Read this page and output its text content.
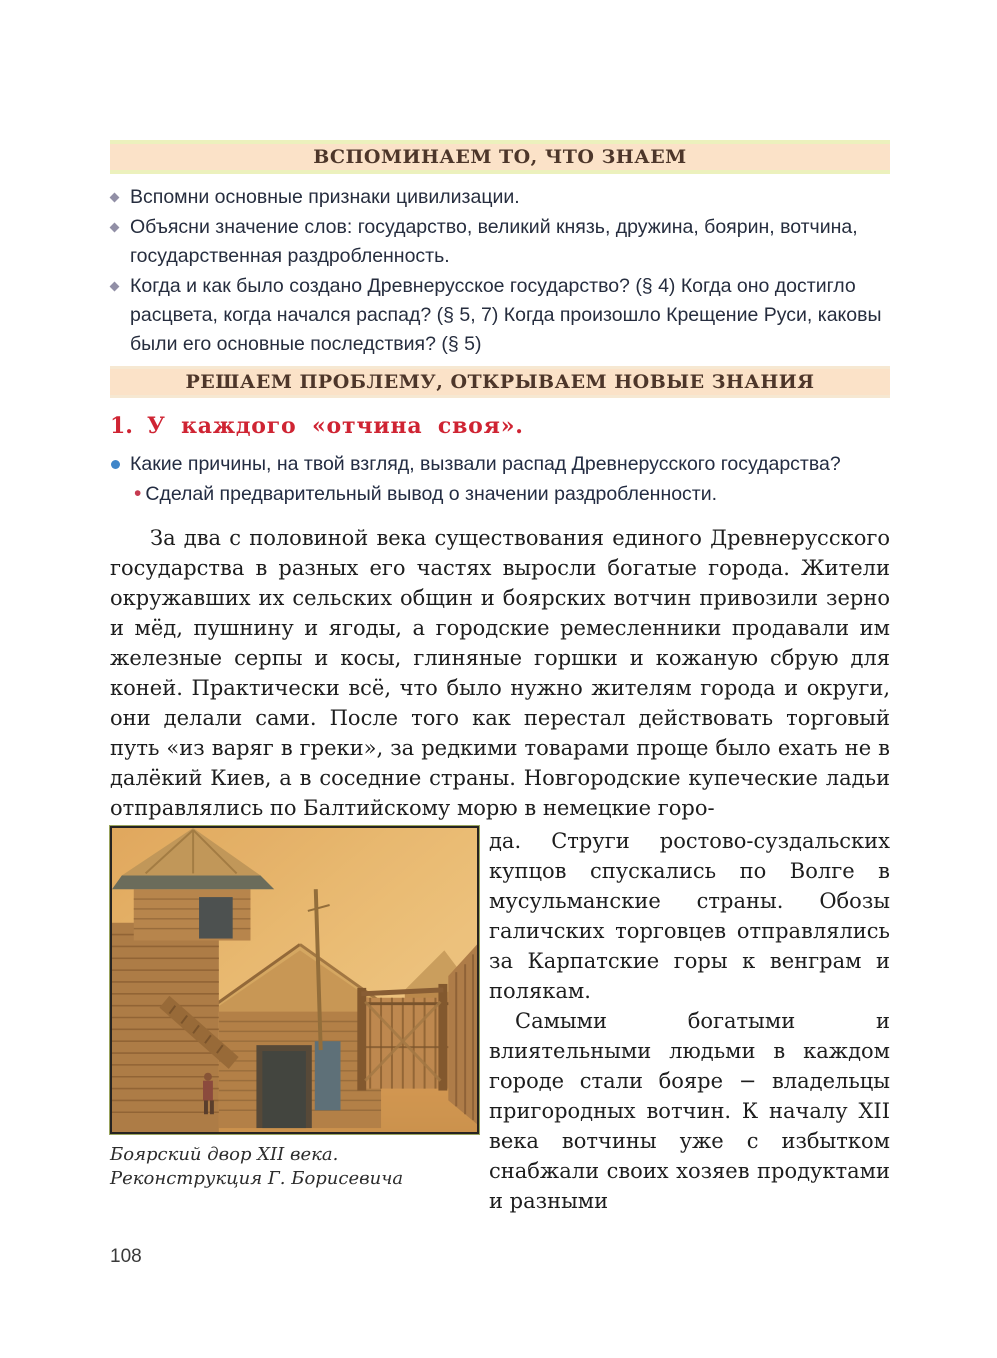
ВСПОМИНАЕМ ТО, ЧТО ЗНАЕМ
Вспомни основные признаки цивилизации.
Объясни значение слов: государство, великий князь, дружина, боярин, вотчина, государственная раздробленность.
Когда и как было создано Древнерусское государство? (§ 4) Когда оно достигло расцвета, когда начался распад? (§ 5, 7) Когда произошло Крещение Руси, каковы были его основные последствия? (§ 5)
РЕШАЕМ ПРОБЛЕМУ, ОТКРЫВАЕМ НОВЫЕ ЗНАНИЯ
1. У каждого «отчина своя».
Какие причины, на твой взгляд, вызвали распад Древнерусского государства?• Сделай предварительный вывод о значении раздробленности.
За два с половиной века существования единого Древнерусского государства в разных его частях выросли богатые города. Жители окружавших их сельских общин и боярских вотчин привозили зерно и мёд, пушнину и ягоды, а городские ремесленники продавали им железные серпы и косы, глиняные горшки и кожаную сбрую для коней. Практически всё, что было нужно жителям города и округи, они делали сами. После того как перестал действовать торговый путь «из варяг в греки», за редкими товарами проще было ехать не в далёкий Киев, а в соседние страны. Новгородские купеческие ладьи отправлялись по Балтийскому морю в немецкие горо-
Боярский двор XII века.
Реконструкция Г. Борисевича
да. Струги ростово-суздальских купцов спускались по Волге в мусульманские страны. Обозы галичских торговцев отправлялись за Карпатские горы к венграм и полякам.
Самыми богатыми и влиятельными людьми в каждом городе стали бояре − владельцы пригородных вотчин. К началу XII века вотчины уже с избытком снабжали своих хозяев продуктами и разными
108
